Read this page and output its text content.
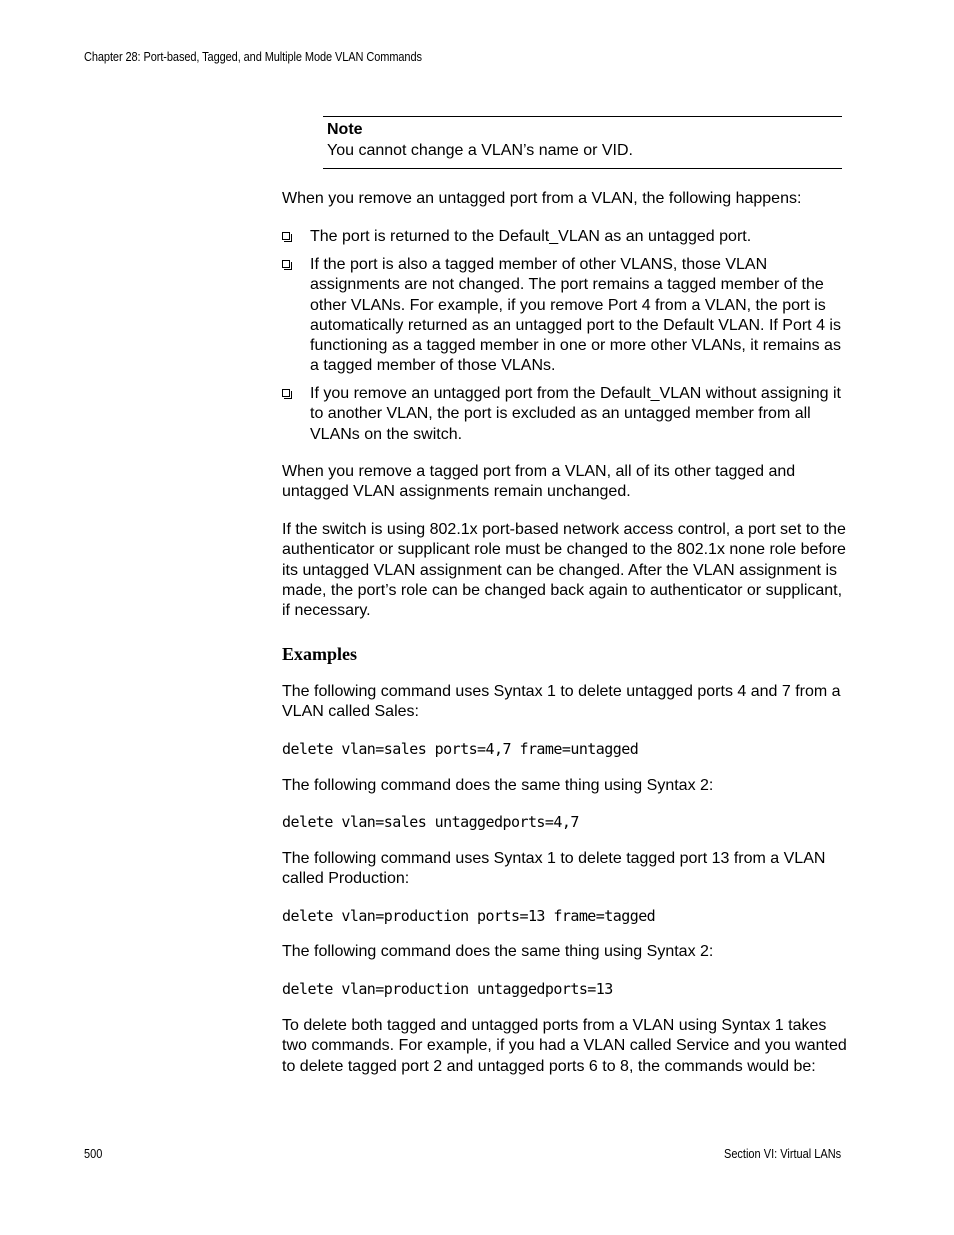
Chapter 28: Port-based, Tagged, and Multiple Mode VLAN Commands
Note
You cannot change a VLAN’s name or VID.
When you remove an untagged port from a VLAN, the following happens:
The port is returned to the Default_VLAN as an untagged port.
If the port is also a tagged member of other VLANS, those VLAN assignments are not changed. The port remains a tagged member of the other VLANs. For example, if you remove Port 4 from a VLAN, the port is automatically returned as an untagged port to the Default VLAN. If Port 4 is functioning as a tagged member in one or more other VLANs, it remains as a tagged member of those VLANs.
If you remove an untagged port from the Default_VLAN without assigning it to another VLAN, the port is excluded as an untagged member from all VLANs on the switch.
When you remove a tagged port from a VLAN, all of its other tagged and untagged VLAN assignments remain unchanged.
If the switch is using 802.1x port-based network access control, a port set to the authenticator or supplicant role must be changed to the 802.1x none role before its untagged VLAN assignment can be changed. After the VLAN assignment is made, the port’s role can be changed back again to authenticator or supplicant, if necessary.
Examples
The following command uses Syntax 1 to delete untagged ports 4 and 7 from a VLAN called Sales:
delete vlan=sales ports=4,7 frame=untagged
The following command does the same thing using Syntax 2:
delete vlan=sales untaggedports=4,7
The following command uses Syntax 1 to delete tagged port 13 from a VLAN called Production:
delete vlan=production ports=13 frame=tagged
The following command does the same thing using Syntax 2:
delete vlan=production untaggedports=13
To delete both tagged and untagged ports from a VLAN using Syntax 1 takes two commands. For example, if you had a VLAN called Service and you wanted to delete tagged port 2 and untagged ports 6 to 8, the commands would be:
500	Section VI: Virtual LANs
